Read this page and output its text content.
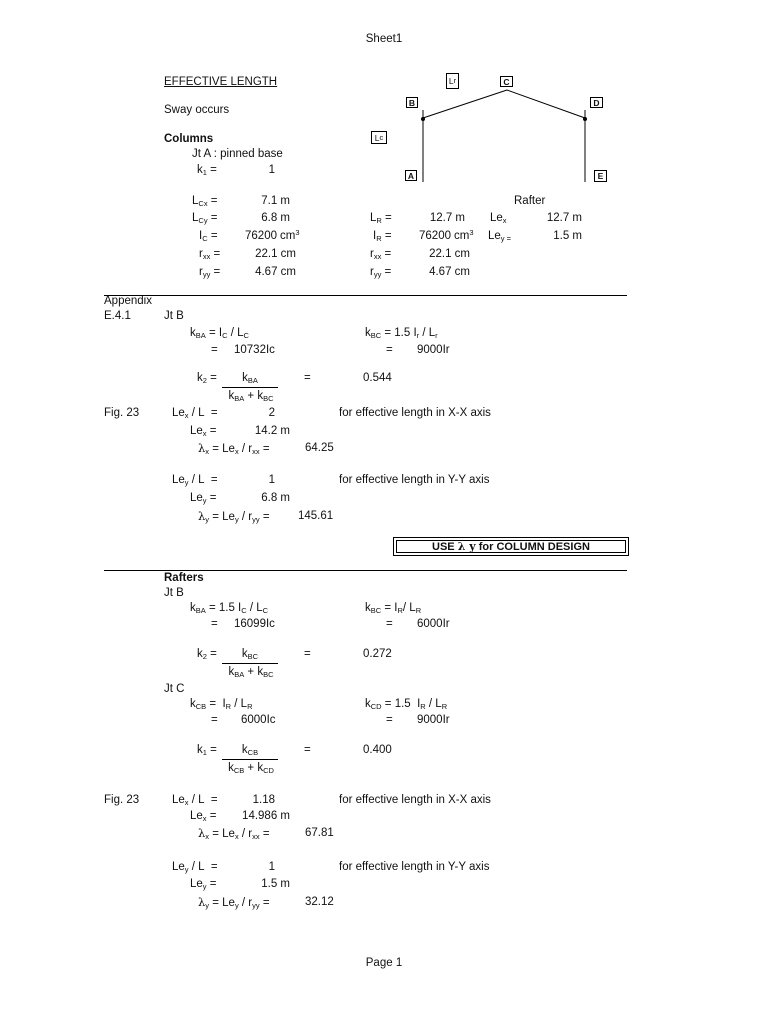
Sheet1
EFFECTIVE LENGTH
Sway occurs
Columns
Jt A : pinned base
B
C
D
A	E
L r
L c
$k_1$ =	1
$L_{Cx}$ =	7.1 m
$L_{Cy}$ =	6.8 m
$I_C$ =	76200 $cm^3$
$r_{xx}$ =	22.1 cm
$r_{yy}$ =	4.67 cm
Rafter
$L_R$ =	12.7 m
$I_R$ =	76200 $cm^3$
$r_{xx}$ =	22.1 cm
$r_{yy}$ =	4.67 cm
$Le_x$	12.7 m
$Le_{y =}$	1.5 m
Appendix
E.4.1	Jt B
$k_{BA} = I_C / L_C$
= 10732Ic
$k_{BC} = 1.5$ $I_r / L_r$
= 9000Ir
$k_2$ =	$k_{BA}$
$k_{BA} + k_{BC}$
=	0.544
Fig. 23	$Le_x$ / L  =	2	for effective length in X-X axis
$Le_x$ =	14.2 m
$\lambda_x = Le_x / r_{xx}$ =	64.25
$Le_y$ / L  =	1	for effective length in Y-Y axis
$Le_y$ =	6.8 m
$\lambda_y = Le_y / r_{yy} = 145.61$
USE
λ y
for COLUMN DESIGN
Rafters
Jt B
$k_{BA} = 1.5$ $I_C / L_C$
= 16099Ic
$k_{BC} = I_R/$ $L_R$
= 6000Ir
$k_2$ =	$k_{BC}$
$k_{BA} + k_{BC}$
=	0.272
Jt C
$k_{CB} = I_R / L_R$
= 6000Ic
$k_{CD} = 1.5$  $I_R / L_R$
= 9000Ir
$k_1$ =	$k_{CB}$
$k_{CB} + k_{CD}$
=	0.400
Fig. 23	$Le_x$ / L  =	1.18	for effective length in X-X axis
$Le_x$ =	14.986 m
$\lambda_x = Le_x / r_{xx}$ =	67.81
$Le_y$ / L  =	1	for effective length in Y-Y axis
$Le_y$ =	1.5 m
$\lambda_y = Le_y / r_{yy}$ =	32.12
Page 1
